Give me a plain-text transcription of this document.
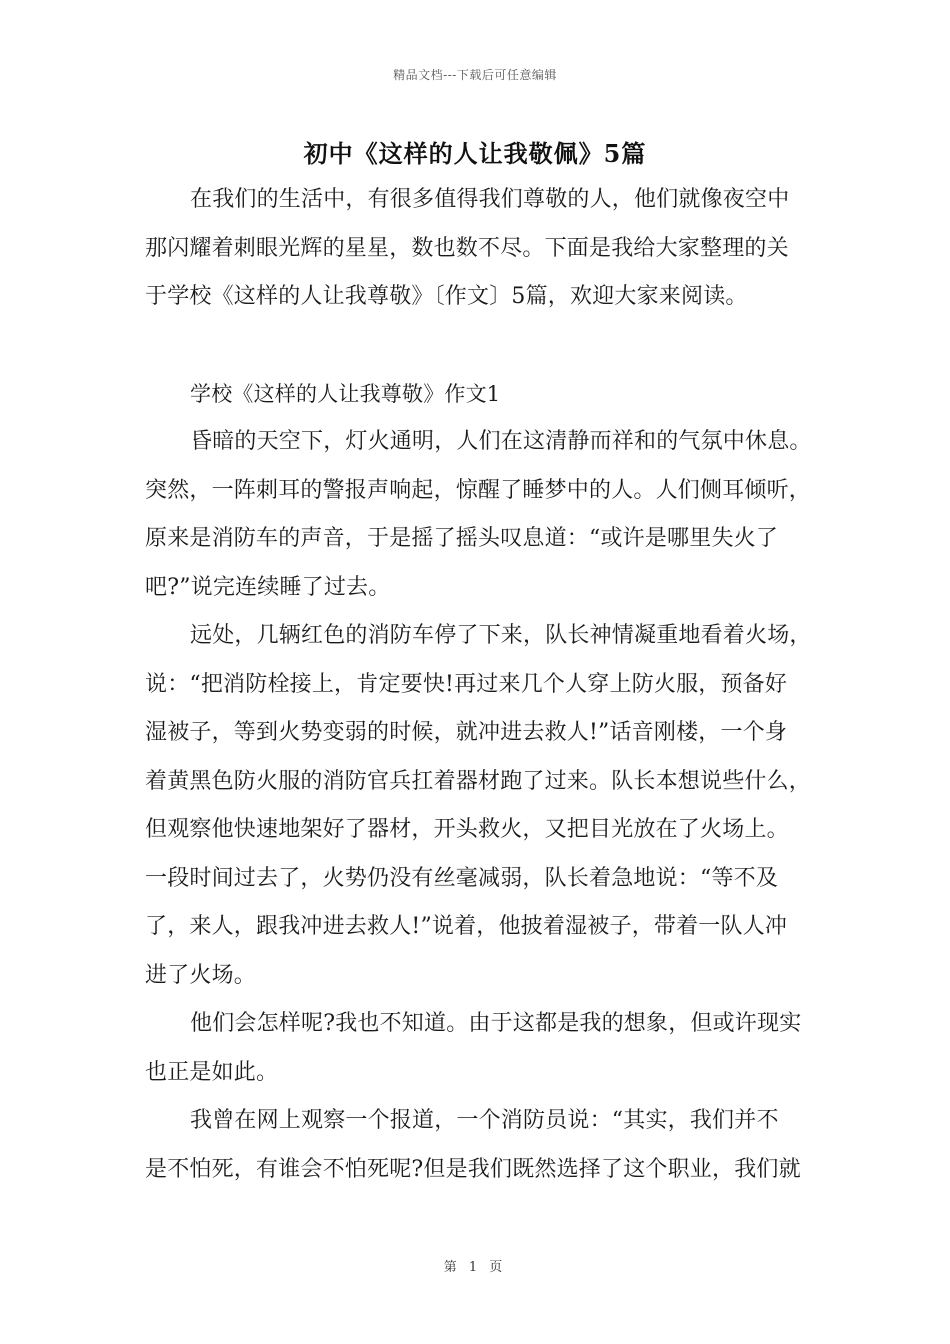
精品文档---下载后可任意编辑
初中《这样的人让我敬佩》5篇
在我们的生活中，有很多值得我们尊敬的人，他们就像夜空中
那闪耀着刺眼光辉的星星，数也数不尽。下面是我给大家整理的关
于学校《这样的人让我尊敬》〔作文〕5篇，欢迎大家来阅读。
学校《这样的人让我尊敬》作文1
昏暗的天空下，灯火通明，人们在这清静而祥和的气氛中休息。
突然，一阵刺耳的警报声响起，惊醒了睡梦中的人。人们侧耳倾听，
原来是消防车的声音，于是摇了摇头叹息道：“或许是哪里失火了
吧?”说完连续睡了过去。
远处，几辆红色的消防车停了下来，队长神情凝重地看着火场，
说：“把消防栓接上，肯定要快!再过来几个人穿上防火服，预备好
湿被子，等到火势变弱的时候，就冲进去救人!”话音刚楼，一个身
着黄黑色防火服的消防官兵扛着器材跑了过来。队长本想说些什么，
但观察他快速地架好了器材，开头救火，又把目光放在了火场上。
一段时间过去了，火势仍没有丝毫减弱，队长着急地说：“等不及
了，来人，跟我冲进去救人!”说着，他披着湿被子，带着一队人冲
进了火场。
他们会怎样呢?我也不知道。由于这都是我的想象，但或许现实
也正是如此。
我曾在网上观察一个报道，一个消防员说：“其实，我们并不
是不怕死，有谁会不怕死呢?但是我们既然选择了这个职业，我们就
第 1 页
